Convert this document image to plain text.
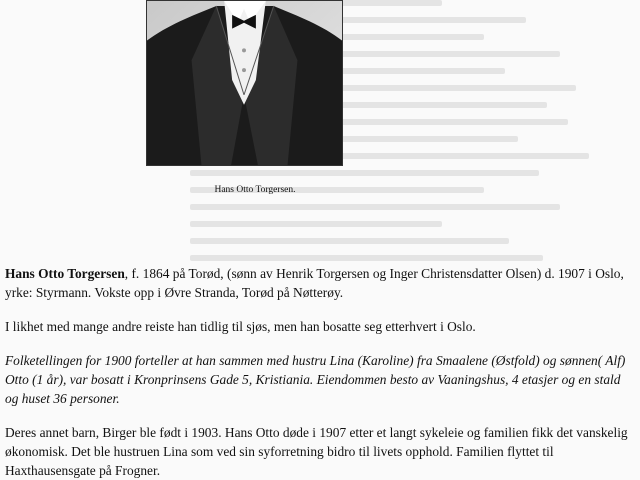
Hans Otto Torgersen.

Hans Otto Torgersen, f. 1864 på Torød, (sønn av Henrik Torgersen og Inger Christensdatter Olsen) d. 1907 i Oslo, yrke: Styrmann. Vokste opp i Øvre Stranda, Torød på Nøtterøy.

I likhet med mange andre reiste han tidlig til sjøs, men han bosatte seg etterhvert i Oslo.

Folketellingen for 1900 forteller at han sammen med hustru Lina (Karoline) fra Smaalene (Østfold) og sønnen( Alf) Otto (1 år), var bosatt i Kronprinsens Gade 5, Kristiania. Eiendommen besto av Vaaningshus, 4 etasjer og en stald og huset 36 personer.

Deres annet barn, Birger ble født i 1903. Hans Otto døde i 1907 etter et langt sykeleie og familien fikk det vanskelig økonomisk. Det ble hustruen Lina som ved sin syforretning bidro til livets opphold. Familien flyttet til Haxthausensgate på Frogner.
